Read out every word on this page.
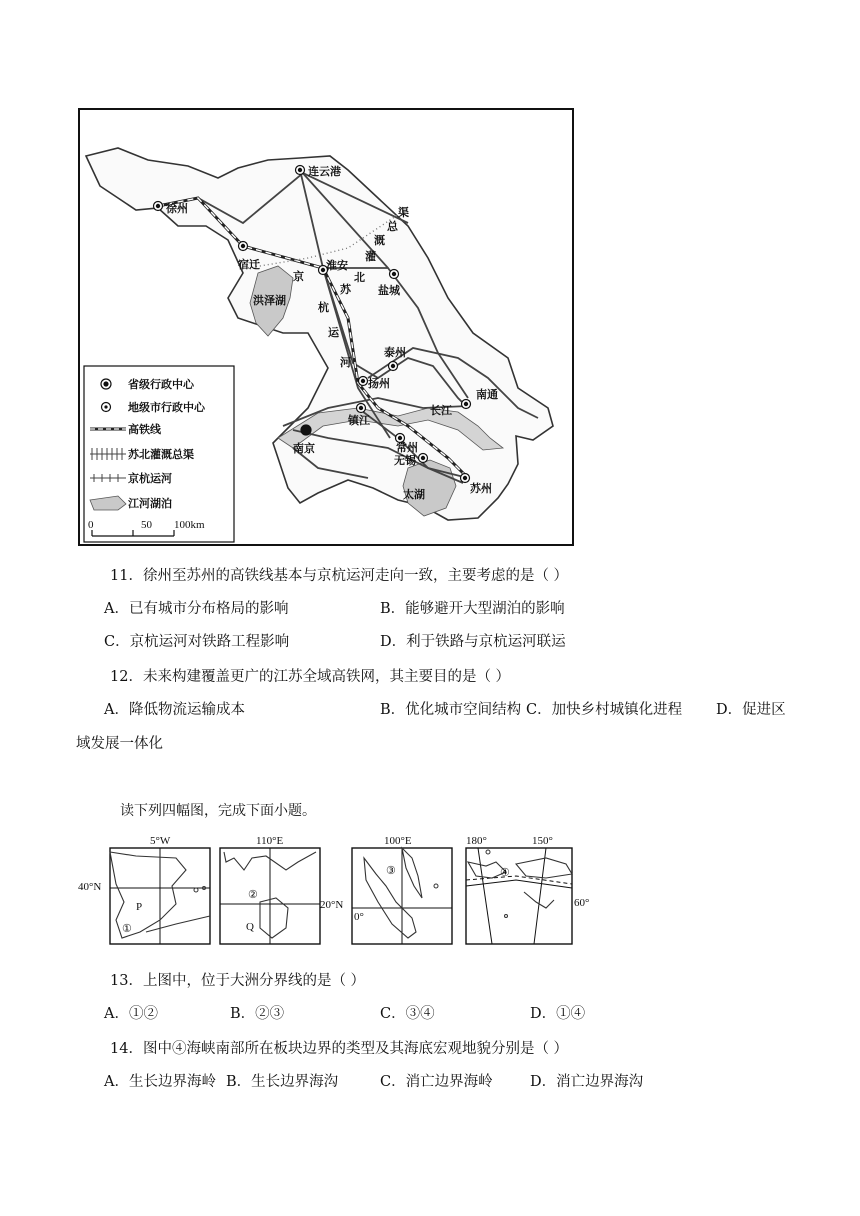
连云港
徐州
宿迁	淮安
盐城
泰州
扬州
南通
镇江
南京	常州
无锡
苏州
洪泽湖
太湖
长江
京
杭
运
河
苏
北
灌
溉
总
渠
省级行政中心
地级市行政中心
高铁线
苏北灌溉总渠
京杭运河
江河湖泊
0	50 100km
11．徐州至苏州的高铁线基本与京杭运河走向一致，主要考虑的是（ ）
A．已有城市分布格局的影响	B．能够避开大型湖泊的影响
C．京杭运河对铁路工程影响	D．利于铁路与京杭运河联运
12．未来构建覆盖更广的江苏全域高铁网，其主要目的是（ ）
A．降低物流运输成本	B．优化城市空间结构 C．加快乡村城镇化进程 D．促进区
域发展一体化
读下列四幅图，完成下面小题。
5°W
40°N
P
①
110°E
20°N
Q
②
100°E
0°
③
180°	150°
60°
④
13．上图中，位于大洲分界线的是（ ）
A．①②	B．②③	C．③④	D．①④
14．图中④海峡南部所在板块边界的类型及其海底宏观地貌分别是（ ）
A．生长边界海岭 B．生长边界海沟	C．消亡边界海岭	D．消亡边界海沟
